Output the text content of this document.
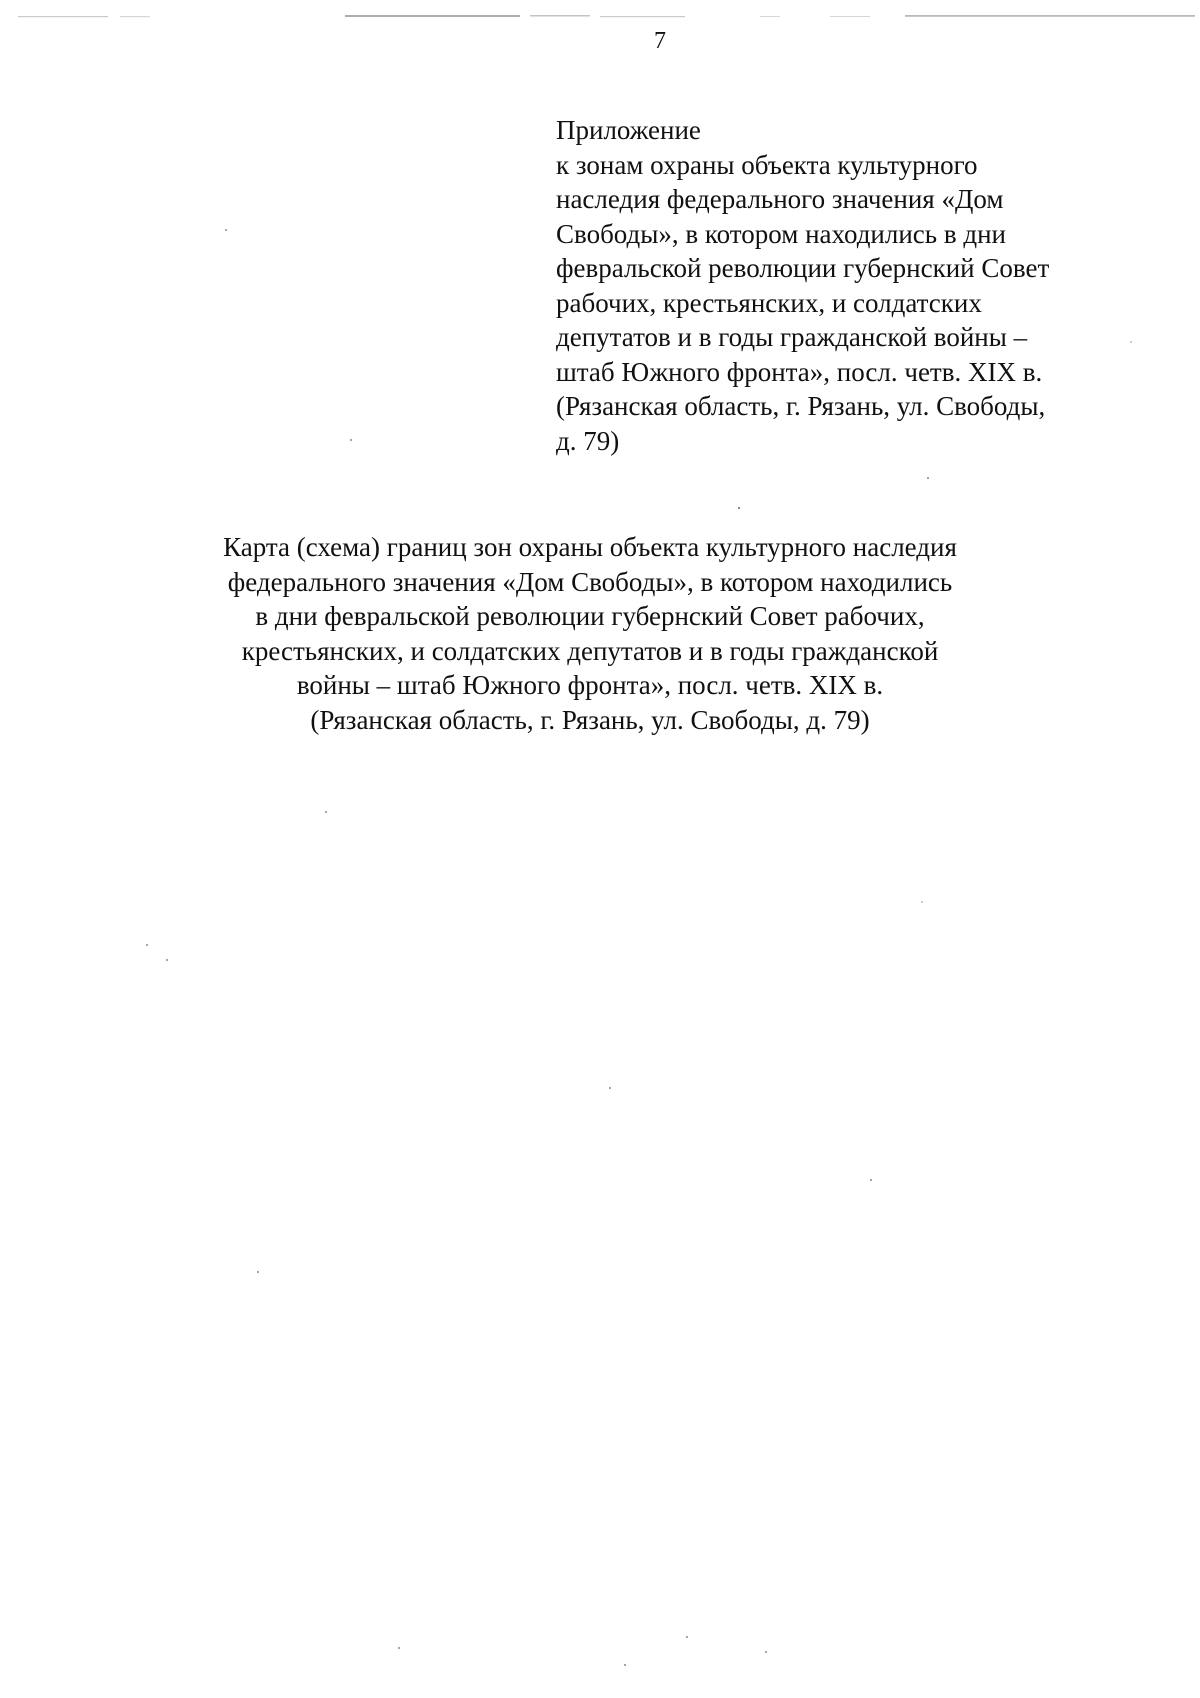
7
Приложение
к зонам охраны объекта культурного
наследия федерального значения «Дом
Свободы», в котором находились в дни
февральской революции губернский Совет
рабочих, крестьянских, и солдатских
депутатов и в годы гражданской войны –
штаб Южного фронта», посл. четв. XIX в.
(Рязанская область, г. Рязань, ул. Свободы,
д. 79)
Карта (схема) границ зон охраны объекта культурного наследия
федерального значения «Дом Свободы», в котором находились
в дни февральской революции губернский Совет рабочих,
крестьянских, и солдатских депутатов и в годы гражданской
войны – штаб Южного фронта», посл. четв. XIX в.
(Рязанская область, г. Рязань, ул. Свободы, д. 79)
